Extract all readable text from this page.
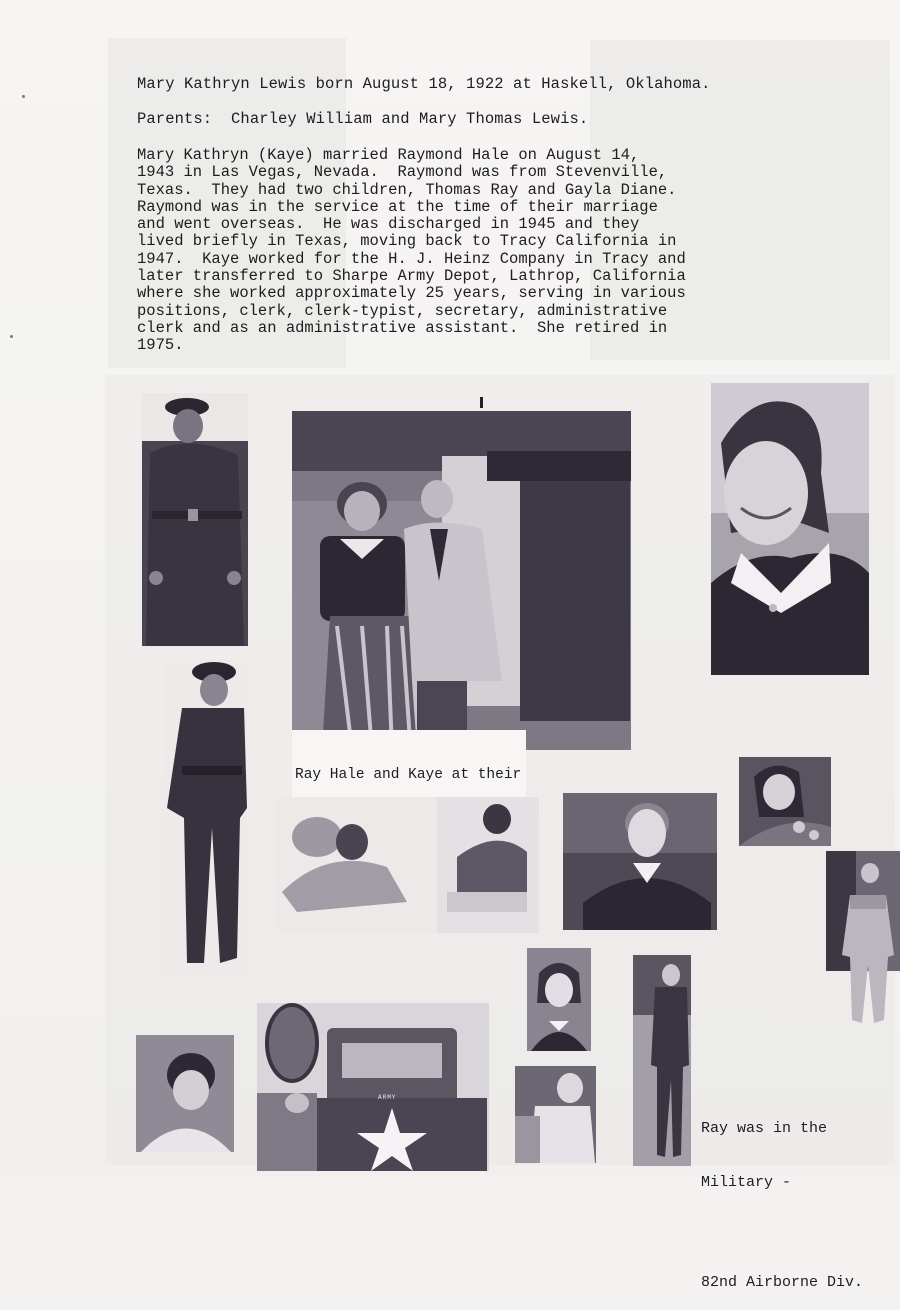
Mary Kathryn Lewis born August 18, 1922 at Haskell, Oklahoma.

Parents:  Charley William and Mary Thomas Lewis.

Mary Kathryn (Kaye) married Raymond Hale on August 14,
1943 in Las Vegas, Nevada.  Raymond was from Stevenville,
Texas.  They had two children, Thomas Ray and Gayla Diane.
Raymond was in the service at the time of their marriage
and went overseas.  He was discharged in 1945 and they
lived briefly in Texas, moving back to Tracy California in
1947.  Kaye worked for the H. J. Heinz Company in Tracy and
later transferred to Sharpe Army Depot, Lathrop, California
where she worked approximately 25 years, serving in various
positions, clerk, clerk-typist, secretary, administrative
clerk and as an administrative assistant.  She retired in
1975.

Ray Hale and Kaye at their

ARMY

Ray was in the

Military -

82nd Airborne Div.
